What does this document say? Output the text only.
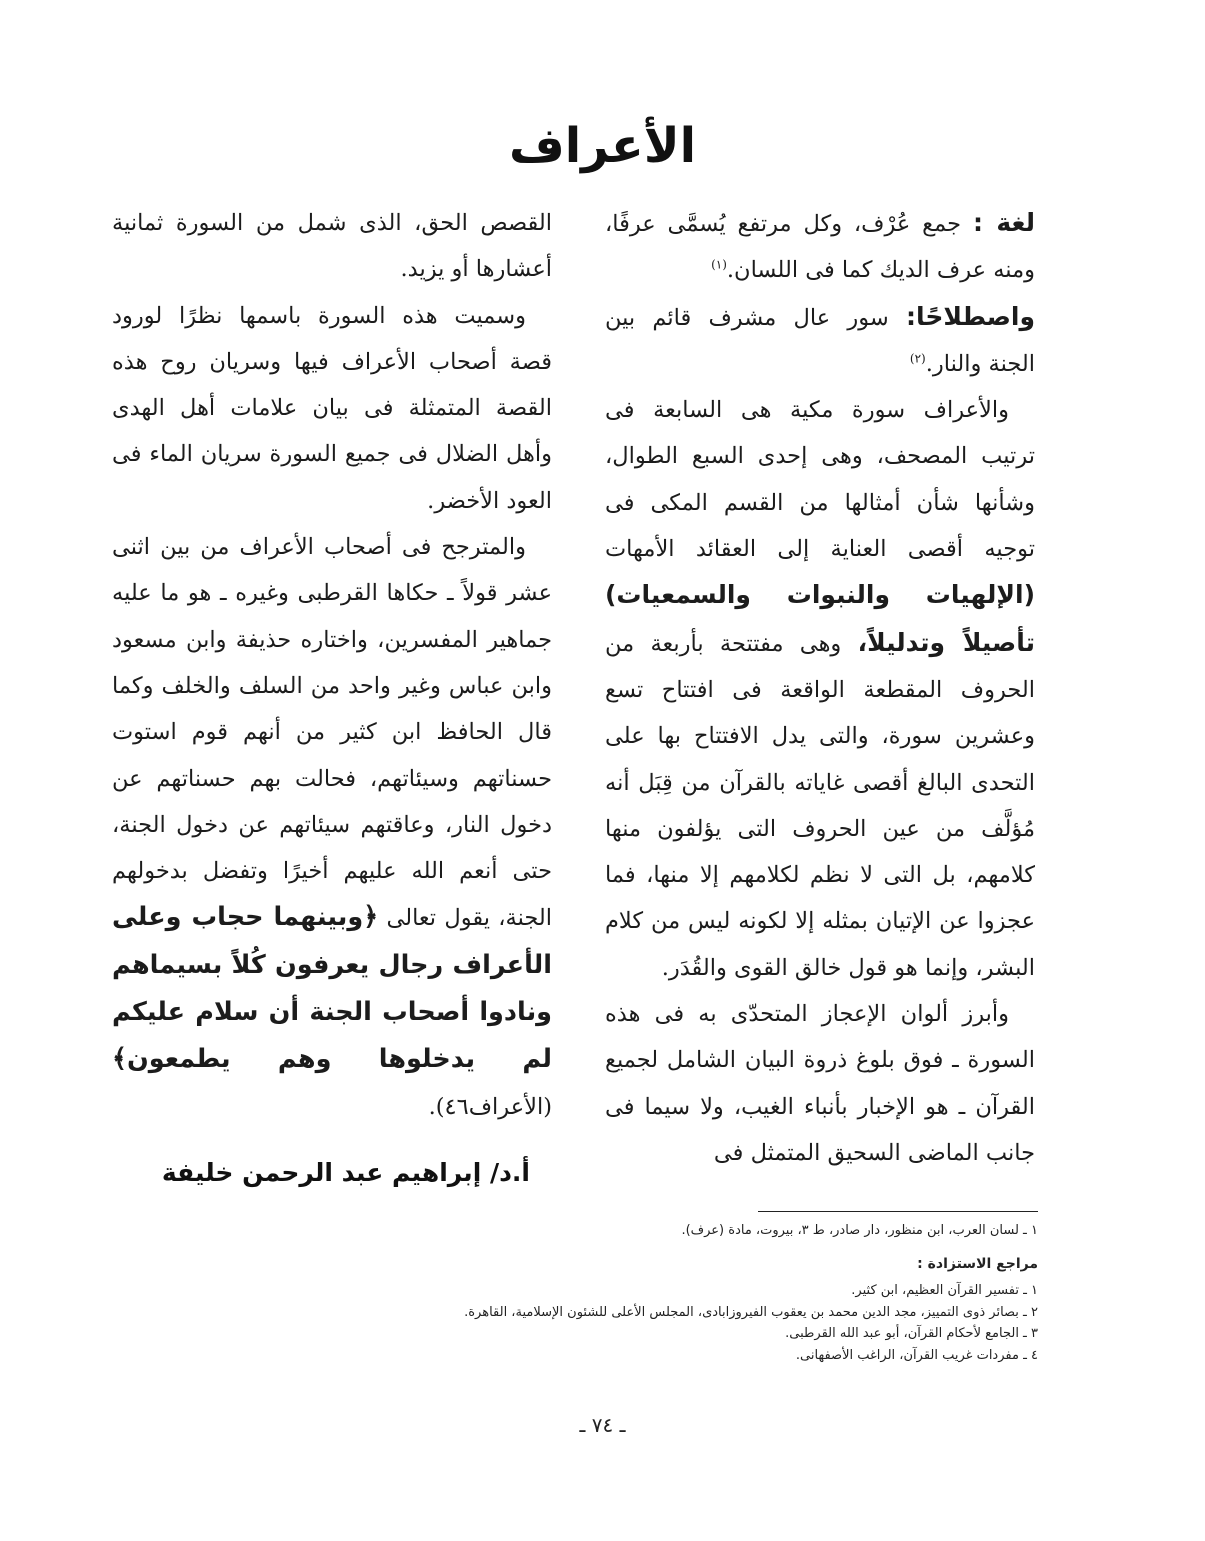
الأعراف

لغة : جمع عُرْف، وكل مرتفع يُسمَّى عرفًا، ومنه عرف الديك كما فى اللسان.$^{(١)}$

واصطلاحًا: سور عال مشرف قائم بين الجنة والنار.$^{(٢)}$

والأعراف سورة مكية هى السابعة فى ترتيب المصحف، وهى إحدى السبع الطوال، وشأنها شأن أمثالها من القسم المكى فى توجيه أقصى العناية إلى العقائد الأمهات (الإلهيات والنبوات والسمعيات) تأصيلاً وتدليلاً، وهى مفتتحة بأربعة من الحروف المقطعة الواقعة فى افتتاح تسع وعشرين سورة، والتى يدل الافتتاح بها على التحدى البالغ أقصى غاياته بالقرآن من قِبَل أنه مُؤلَّف من عين الحروف التى يؤلفون منها كلامهم، بل التى لا نظم لكلامهم إلا منها، فما عجزوا عن الإتيان بمثله إلا لكونه ليس من كلام البشر، وإنما هو قول خالق القوى والقُدَر.

وأبرز ألوان الإعجاز المتحدّى به فى هذه السورة ـ فوق بلوغ ذروة البيان الشامل لجميع القرآن ـ هو الإخبار بأنباء الغيب، ولا سيما فى جانب الماضى السحيق المتمثل فى

القصص الحق، الذى شمل من السورة ثمانية أعشارها أو يزيد.

وسميت هذه السورة باسمها نظرًا لورود قصة أصحاب الأعراف فيها وسريان روح هذه القصة المتمثلة فى بيان علامات أهل الهدى وأهل الضلال فى جميع السورة سريان الماء فى العود الأخضر.

والمترجح فى أصحاب الأعراف من بين اثنى عشر قولاً ـ حكاها القرطبى وغيره ـ هو ما عليه جماهير المفسرين، واختاره حذيفة وابن مسعود وابن عباس وغير واحد من السلف والخلف وكما قال الحافظ ابن كثير من أنهم قوم استوت حسناتهم وسيئاتهم، فحالت بهم حسناتهم عن دخول النار، وعاقتهم سيئاتهم عن دخول الجنة، حتى أنعم الله عليهم أخيرًا وتفضل بدخولهم الجنة، يقول تعالى ﴿وبينهما حجاب وعلى الأعراف رجال يعرفون كُلاً بسيماهم ونادوا أصحاب الجنة أن سلام عليكم لم يدخلوها وهم يطمعون﴾ (الأعراف٤٦).

أ.د/ إبراهيم عبد الرحمن خليفة

١ ـ لسان العرب، ابن منظور، دار صادر، ط ٣، بيروت، مادة (عرف).

مراجع الاستزادة :
١ ـ تفسير القرآن العظيم، ابن كثير.
٢ ـ بصائر ذوى التمييز، مجد الدين محمد بن يعقوب الفيروزابادى، المجلس الأعلى للشئون الإسلامية، القاهرة.
٣ ـ الجامع لأحكام القرآن، أبو عبد الله القرطبى.
٤ ـ مفردات غريب القرآن، الراغب الأصفهانى.
ـ ٧٤ ـ
